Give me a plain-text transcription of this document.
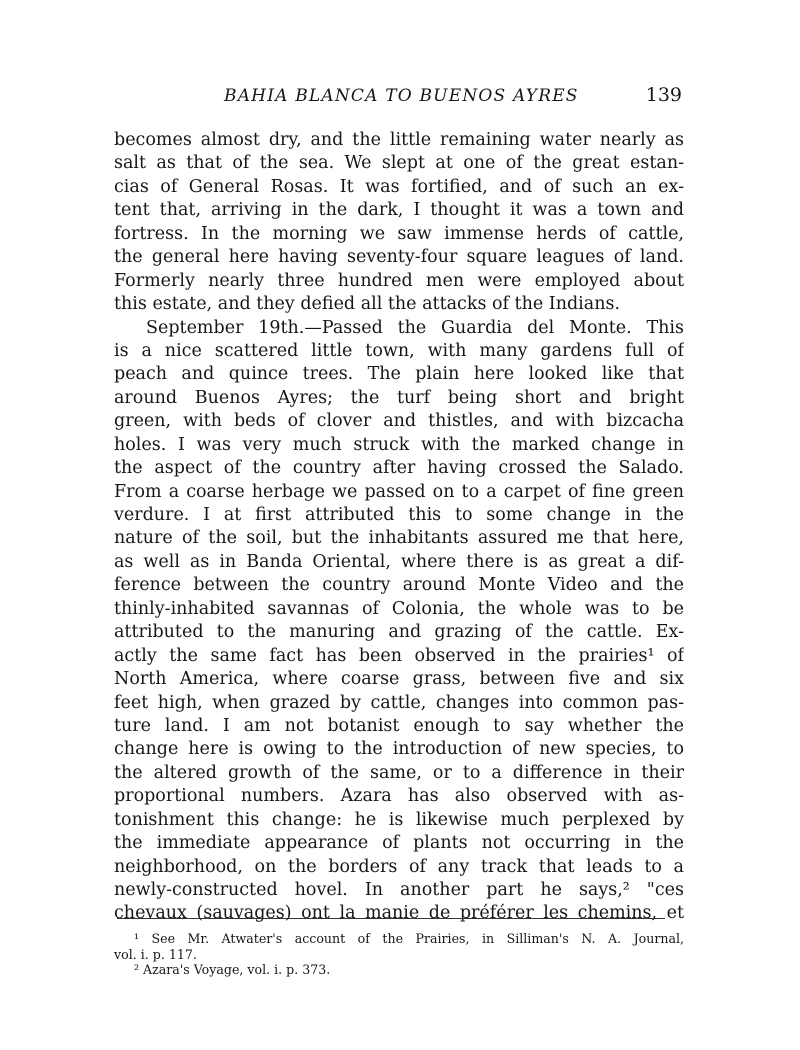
BAHIA BLANCA TO BUENOS AYRES	139
becomes almost dry, and the little remaining water nearly as
salt as that of the sea. We slept at one of the great estan-
cias of General Rosas. It was fortified, and of such an ex-
tent that, arriving in the dark, I thought it was a town and
fortress. In the morning we saw immense herds of cattle,
the general here having seventy-four square leagues of land.
Formerly nearly three hundred men were employed about
this estate, and they defied all the attacks of the Indians.
September 19th.—Passed the Guardia del Monte. This
is a nice scattered little town, with many gardens full of
peach and quince trees. The plain here looked like that
around Buenos Ayres; the turf being short and bright
green, with beds of clover and thistles, and with bizcacha
holes. I was very much struck with the marked change in
the aspect of the country after having crossed the Salado.
From a coarse herbage we passed on to a carpet of fine green
verdure. I at first attributed this to some change in the
nature of the soil, but the inhabitants assured me that here,
as well as in Banda Oriental, where there is as great a dif-
ference between the country around Monte Video and the
thinly-inhabited savannas of Colonia, the whole was to be
attributed to the manuring and grazing of the cattle. Ex-
actly the same fact has been observed in the prairies¹ of
North America, where coarse grass, between five and six
feet high, when grazed by cattle, changes into common pas-
ture land. I am not botanist enough to say whether the
change here is owing to the introduction of new species, to
the altered growth of the same, or to a difference in their
proportional numbers. Azara has also observed with as-
tonishment this change: he is likewise much perplexed by
the immediate appearance of plants not occurring in the
neighborhood, on the borders of any track that leads to a
newly-constructed hovel. In another part he says,² "ces
chevaux (sauvages) ont la manie de préférer les chemins, et
¹ See Mr. Atwater's account of the Prairies, in Silliman's N. A. Journal,
vol. i. p. 117.
² Azara's Voyage, vol. i. p. 373.
